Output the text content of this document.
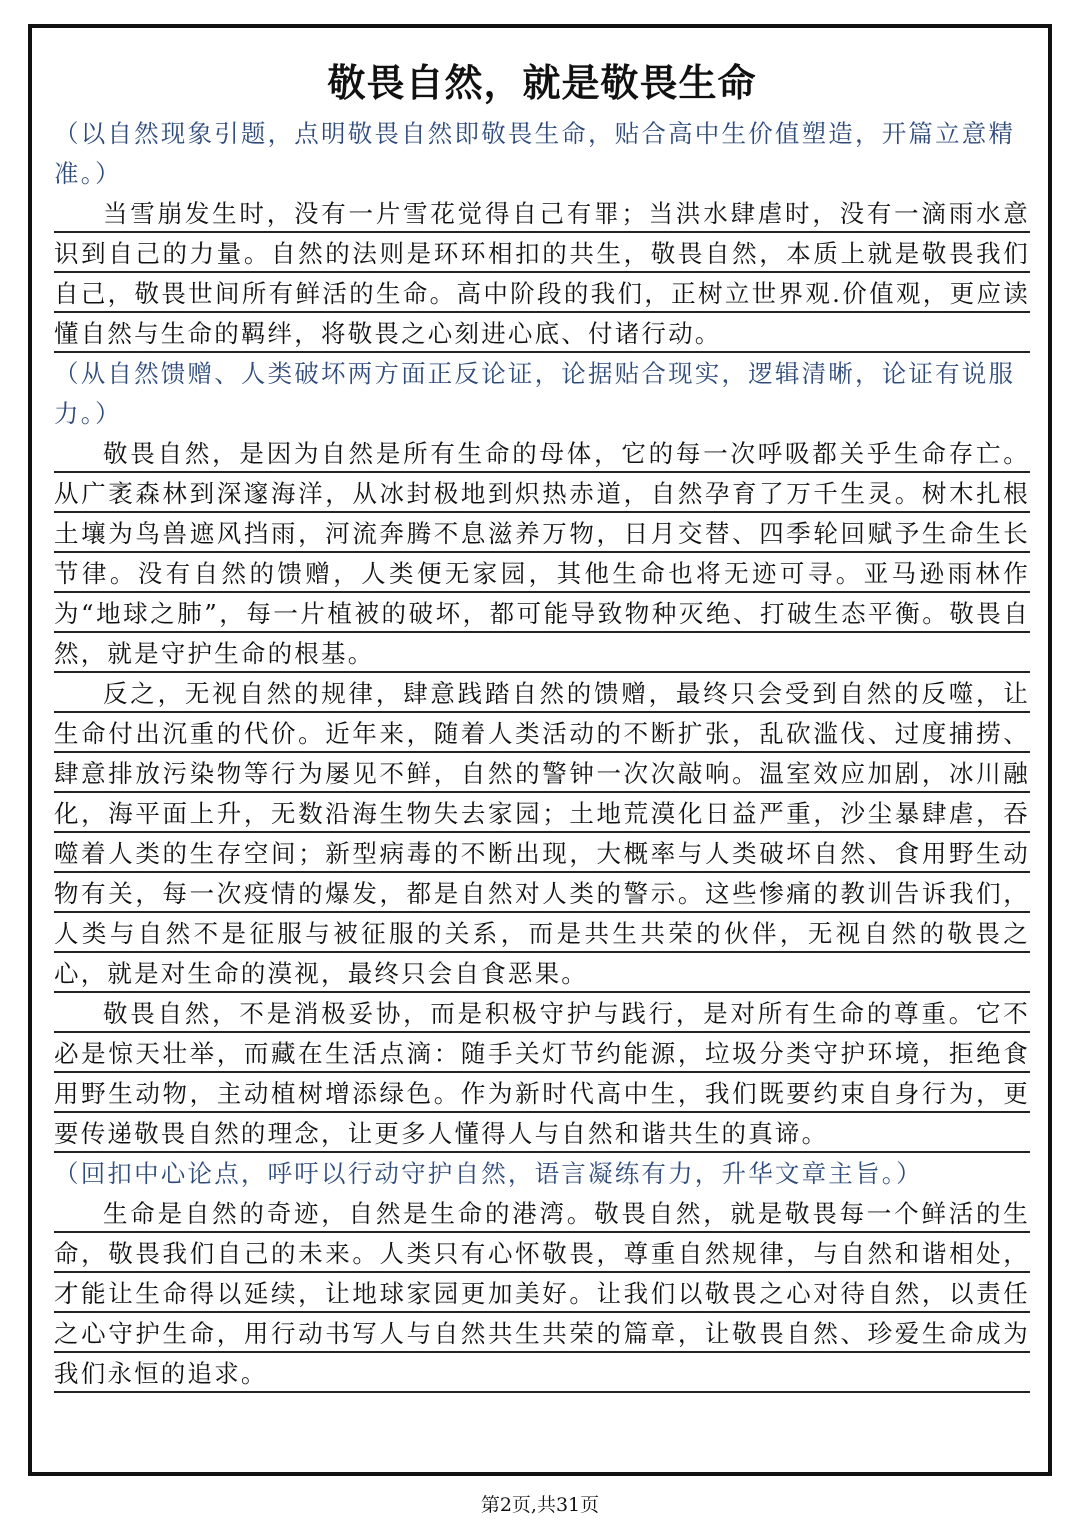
敬畏自然，就是敬畏生命

（以自然现象引题，点明敬畏自然即敬畏生命，贴合高中生价值塑造，开篇立意精准。）

当雪崩发生时，没有一片雪花觉得自己有罪；当洪水肆虐时，没有一滴雨水意识到自己的力量。自然的法则是环环相扣的共生，敬畏自然，本质上就是敬畏我们自己，敬畏世间所有鲜活的生命。高中阶段的我们，正树立世界观.价值观，更应读懂自然与生命的羁绊，将敬畏之心刻进心底、付诸行动。

（从自然馈赠、人类破坏两方面正反论证，论据贴合现实，逻辑清晰，论证有说服力。）

敬畏自然，是因为自然是所有生命的母体，它的每一次呼吸都关乎生命存亡。从广袤森林到深邃海洋，从冰封极地到炽热赤道，自然孕育了万千生灵。树木扎根土壤为鸟兽遮风挡雨，河流奔腾不息滋养万物，日月交替、四季轮回赋予生命生长节律。没有自然的馈赠，人类便无家园，其他生命也将无迹可寻。亚马逊雨林作为“地球之肺”，每一片植被的破坏，都可能导致物种灭绝、打破生态平衡。敬畏自然，就是守护生命的根基。

反之，无视自然的规律，肆意践踏自然的馈赠，最终只会受到自然的反噬，让生命付出沉重的代价。近年来，随着人类活动的不断扩张，乱砍滥伐、过度捕捞、肆意排放污染物等行为屡见不鲜，自然的警钟一次次敲响。温室效应加剧，冰川融化，海平面上升，无数沿海生物失去家园；土地荒漠化日益严重，沙尘暴肆虐，吞噬着人类的生存空间；新型病毒的不断出现，大概率与人类破坏自然、食用野生动物有关，每一次疫情的爆发，都是自然对人类的警示。这些惨痛的教训告诉我们，人类与自然不是征服与被征服的关系，而是共生共荣的伙伴，无视自然的敬畏之心，就是对生命的漠视，最终只会自食恶果。

敬畏自然，不是消极妥协，而是积极守护与践行，是对所有生命的尊重。它不必是惊天壮举，而藏在生活点滴：随手关灯节约能源，垃圾分类守护环境，拒绝食用野生动物，主动植树增添绿色。作为新时代高中生，我们既要约束自身行为，更要传递敬畏自然的理念，让更多人懂得人与自然和谐共生的真谛。

（回扣中心论点，呼吁以行动守护自然，语言凝练有力，升华文章主旨。）

生命是自然的奇迹，自然是生命的港湾。敬畏自然，就是敬畏每一个鲜活的生命，敬畏我们自己的未来。人类只有心怀敬畏，尊重自然规律，与自然和谐相处，才能让生命得以延续，让地球家园更加美好。让我们以敬畏之心对待自然，以责任之心守护生命，用行动书写人与自然共生共荣的篇章，让敬畏自然、珍爱生命成为我们永恒的追求。

第2页,共31页
